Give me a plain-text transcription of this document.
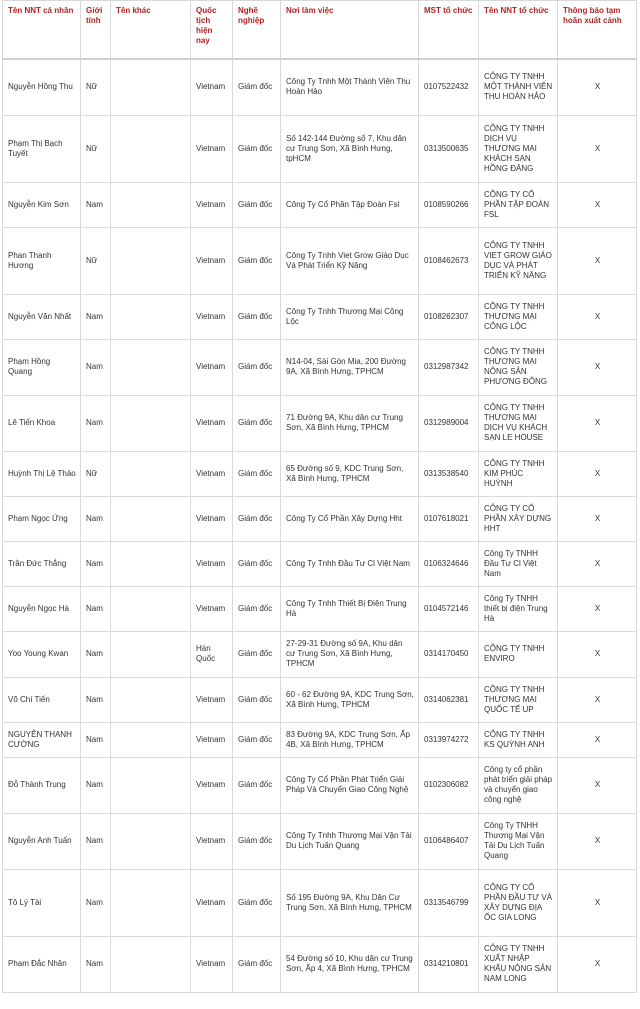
Tên NNT cá nhân	Giới tính	Tên khác	Quốc tịch hiện nay	Nghề nghiệp	Nơi làm việc	MST tổ chức	Tên NNT tổ chức	Thông báo tạm hoãn xuất cảnh
Nguyễn Hồng Thu	Nữ		Vietnam	Giám đốc	Công Ty Tnhh Một Thành Viên Thu Hoàn Hảo	0107522432	CÔNG TY TNHH MỘT THÀNH VIÊN THU HOÀN HẢO	X
Phạm Thị Bạch Tuyết	Nữ		Vietnam	Giám đốc	Số 142-144 Đường số 7, Khu dân cư Trung Sơn, Xã Bình Hưng, tpHCM	0313500635	CÔNG TY TNHH DỊCH VỤ THƯƠNG MẠI KHÁCH SẠN HỒNG ĐĂNG	X
Nguyễn Kim Sơn	Nam		Vietnam	Giám đốc	Công Ty Cổ Phần Tập Đoàn Fsl	0108590266	CÔNG TY CỔ PHẦN TẬP ĐOÀN FSL	X
Phan Thanh Hương	Nữ		Vietnam	Giám đốc	Công Ty Tnhh Viet Grow Giáo Dục Và Phát Triển Kỹ Năng	0108462673	CÔNG TY TNHH VIET GROW GIÁO DỤC VÀ PHÁT TRIỂN KỸ NĂNG	X
Nguyễn Văn Nhất	Nam		Vietnam	Giám đốc	Công Ty Tnhh Thương Mại Công Lộc	0108262307	CÔNG TY TNHH THƯƠNG MẠI CÔNG LỘC	X
Phạm Hồng Quang	Nam		Vietnam	Giám đốc	N14-04, Sài Gòn Mia, 200 Đường 9A, Xã Bình Hưng, TPHCM	0312987342	CÔNG TY TNHH THƯƠNG MẠI NÔNG SẢN PHƯƠNG ĐÔNG	X
Lê Tiến Khoa	Nam		Vietnam	Giám đốc	71 Đường 9A, Khu dân cư Trung Sơn, Xã Bình Hưng, TPHCM	0312989004	CÔNG TY TNHH THƯƠNG MẠI DỊCH VỤ KHÁCH SẠN LE HOUSE	X
Huỳnh Thị Lệ Thảo	Nữ		Vietnam	Giám đốc	65 Đường số 9, KDC Trung Sơn, Xã Bình Hưng, TPHCM	0313538540	CÔNG TY TNHH KIM PHÚC HUỲNH	X
Phạm Ngọc Ứng	Nam		Vietnam	Giám đốc	Công Ty Cổ Phần Xây Dựng Hht	0107618021	CÔNG TY CỔ PHẦN XÂY DỰNG HHT	X
Trần Đức Thắng	Nam		Vietnam	Giám đốc	Công Ty Tnhh Đầu Tư Cl Việt Nam	0106324646	Công Ty TNHH Đầu Tư Cl Việt Nam	X
Nguyễn Ngọc Hà	Nam		Vietnam	Giám đốc	Công Ty Tnhh Thiết Bị Điện Trung Hà	0104572146	Công Ty TNHH thiết bị điện Trung Hà	X
Yoo Young Kwan	Nam		Hàn Quốc	Giám đốc	27-29-31 Đường số 9A, Khu dân cư Trung Sơn, Xã Bình Hưng, TPHCM	0314170450	CÔNG TY TNHH ENVIRO	X
Võ Chí Tiến	Nam		Vietnam	Giám đốc	60 - 62 Đường 9A, KDC Trung Sơn, Xã Bình Hưng, TPHCM	0314062381	CÔNG TY TNHH THƯƠNG MẠI QUỐC TẾ UP	X
NGUYỄN THANH CƯỜNG	Nam		Vietnam	Giám đốc	83 Đường 9A, KDC Trung Sơn, Ấp 4B, Xã Bình Hưng, TPHCM	0313974272	CÔNG TY TNHH KS QUỲNH ANH	X
Đỗ Thành Trung	Nam		Vietnam	Giám đốc	Công Ty Cổ Phần Phát Triển Giải Pháp Và Chuyển Giao Công Nghệ	0102306082	Công ty cổ phần phát triển giải pháp và chuyển giao công nghệ	X
Nguyễn Anh Tuấn	Nam		Vietnam	Giám đốc	Công Ty Tnhh Thương Mại Vận Tải Du Lịch Tuấn Quang	0106486407	Công Ty TNHH Thương Mại Vận Tải Du Lịch Tuấn Quang	X
Tô Lý Tài	Nam		Vietnam	Giám đốc	Số 195 Đường 9A, Khu Dân Cư Trung Sơn, Xã Bình Hưng, TPHCM	0313546799	CÔNG TY CỔ PHẦN ĐẦU TƯ VÀ XÂY DỰNG ĐỊA ỐC GIA LONG	X
Phạm Đắc Nhân	Nam		Vietnam	Giám đốc	54 Đường số 10, Khu dân cư Trung Sơn, Ấp 4, Xã Bình Hưng, TPHCM	0314210801	CÔNG TY TNHH XUẤT NHẬP KHẨU NÔNG SẢN NAM LONG	X
